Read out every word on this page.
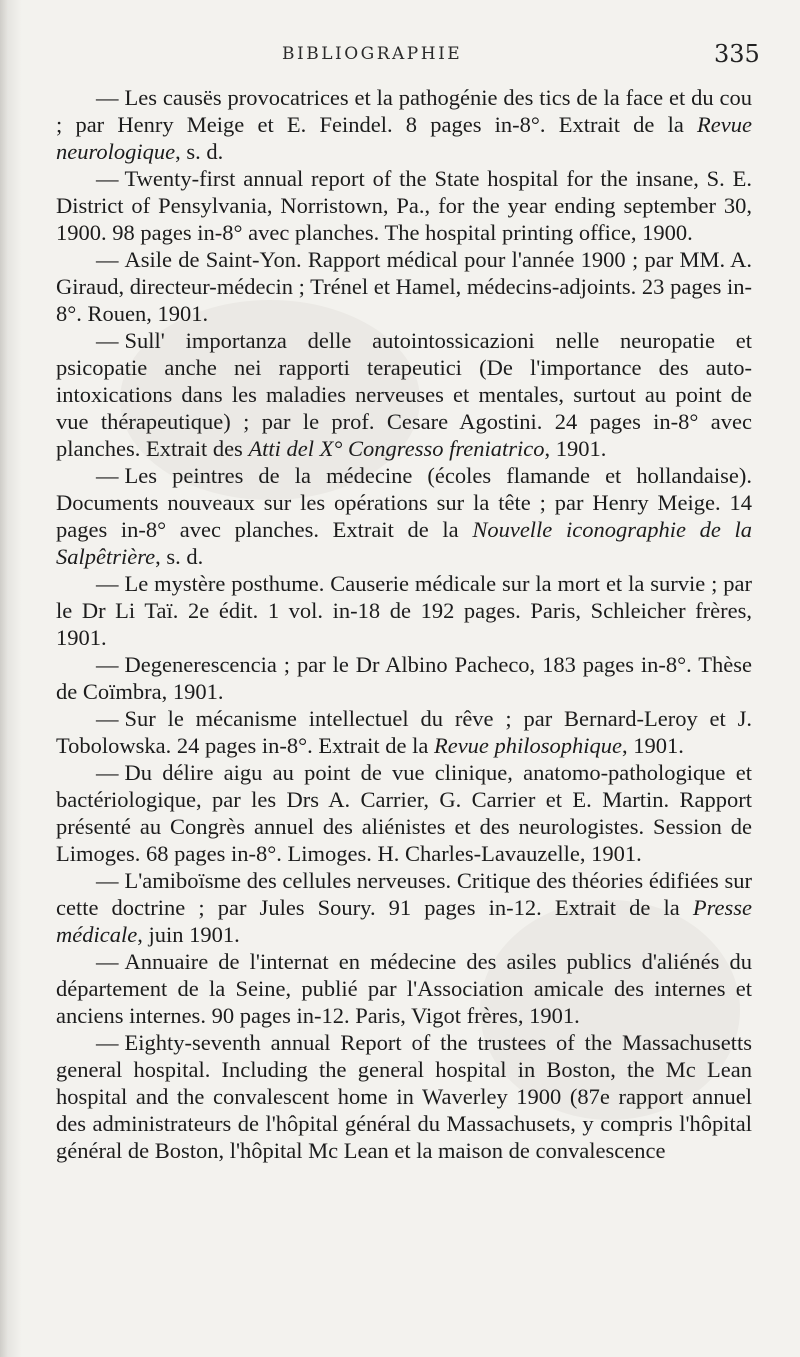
BIBLIOGRAPHIE	335

— Les causës provocatrices et la pathogénie des tics de la face et du cou ; par Henry Meige et E. Feindel. 8 pages in-8°. Extrait de la Revue neurologique, s. d.

— Twenty-first annual report of the State hospital for the insane, S. E. District of Pensylvania, Norristown, Pa., for the year ending september 30, 1900. 98 pages in-8° avec planches. The hospital printing office, 1900.

— Asile de Saint-Yon. Rapport médical pour l'année 1900 ; par MM. A. Giraud, directeur-médecin ; Trénel et Hamel, médecins-adjoints. 23 pages in-8°. Rouen, 1901.

— Sull' importanza delle autointossicazioni nelle neuropatie et psicopatie anche nei rapporti terapeutici (De l'importance des auto-intoxications dans les maladies nerveuses et mentales, surtout au point de vue thérapeutique) ; par le prof. Cesare Agostini. 24 pages in-8° avec planches. Extrait des Atti del X° Congresso freniatrico, 1901.

— Les peintres de la médecine (écoles flamande et hollandaise). Documents nouveaux sur les opérations sur la tête ; par Henry Meige. 14 pages in-8° avec planches. Extrait de la Nouvelle iconographie de la Salpêtrière, s. d.

— Le mystère posthume. Causerie médicale sur la mort et la survie ; par le Dr Li Taï. 2e édit. 1 vol. in-18 de 192 pages. Paris, Schleicher frères, 1901.

— Degenerescencia ; par le Dr Albino Pacheco, 183 pages in-8°. Thèse de Coïmbra, 1901.

— Sur le mécanisme intellectuel du rêve ; par Bernard-Leroy et J. Tobolowska. 24 pages in-8°. Extrait de la Revue philosophique, 1901.

— Du délire aigu au point de vue clinique, anatomo-pathologique et bactériologique, par les Drs A. Carrier, G. Carrier et E. Martin. Rapport présenté au Congrès annuel des aliénistes et des neurologistes. Session de Limoges. 68 pages in-8°. Limoges. H. Charles-Lavauzelle, 1901.

— L'amiboïsme des cellules nerveuses. Critique des théories édifiées sur cette doctrine ; par Jules Soury. 91 pages in-12. Extrait de la Presse médicale, juin 1901.

— Annuaire de l'internat en médecine des asiles publics d'aliénés du département de la Seine, publié par l'Association amicale des internes et anciens internes. 90 pages in-12. Paris, Vigot frères, 1901.

— Eighty-seventh annual Report of the trustees of the Massachusetts general hospital. Including the general hospital in Boston, the Mc Lean hospital and the convalescent home in Waverley 1900 (87e rapport annuel des administrateurs de l'hôpital général du Massachusets, y compris l'hôpital général de Boston, l'hôpital Mc Lean et la maison de convalescence
